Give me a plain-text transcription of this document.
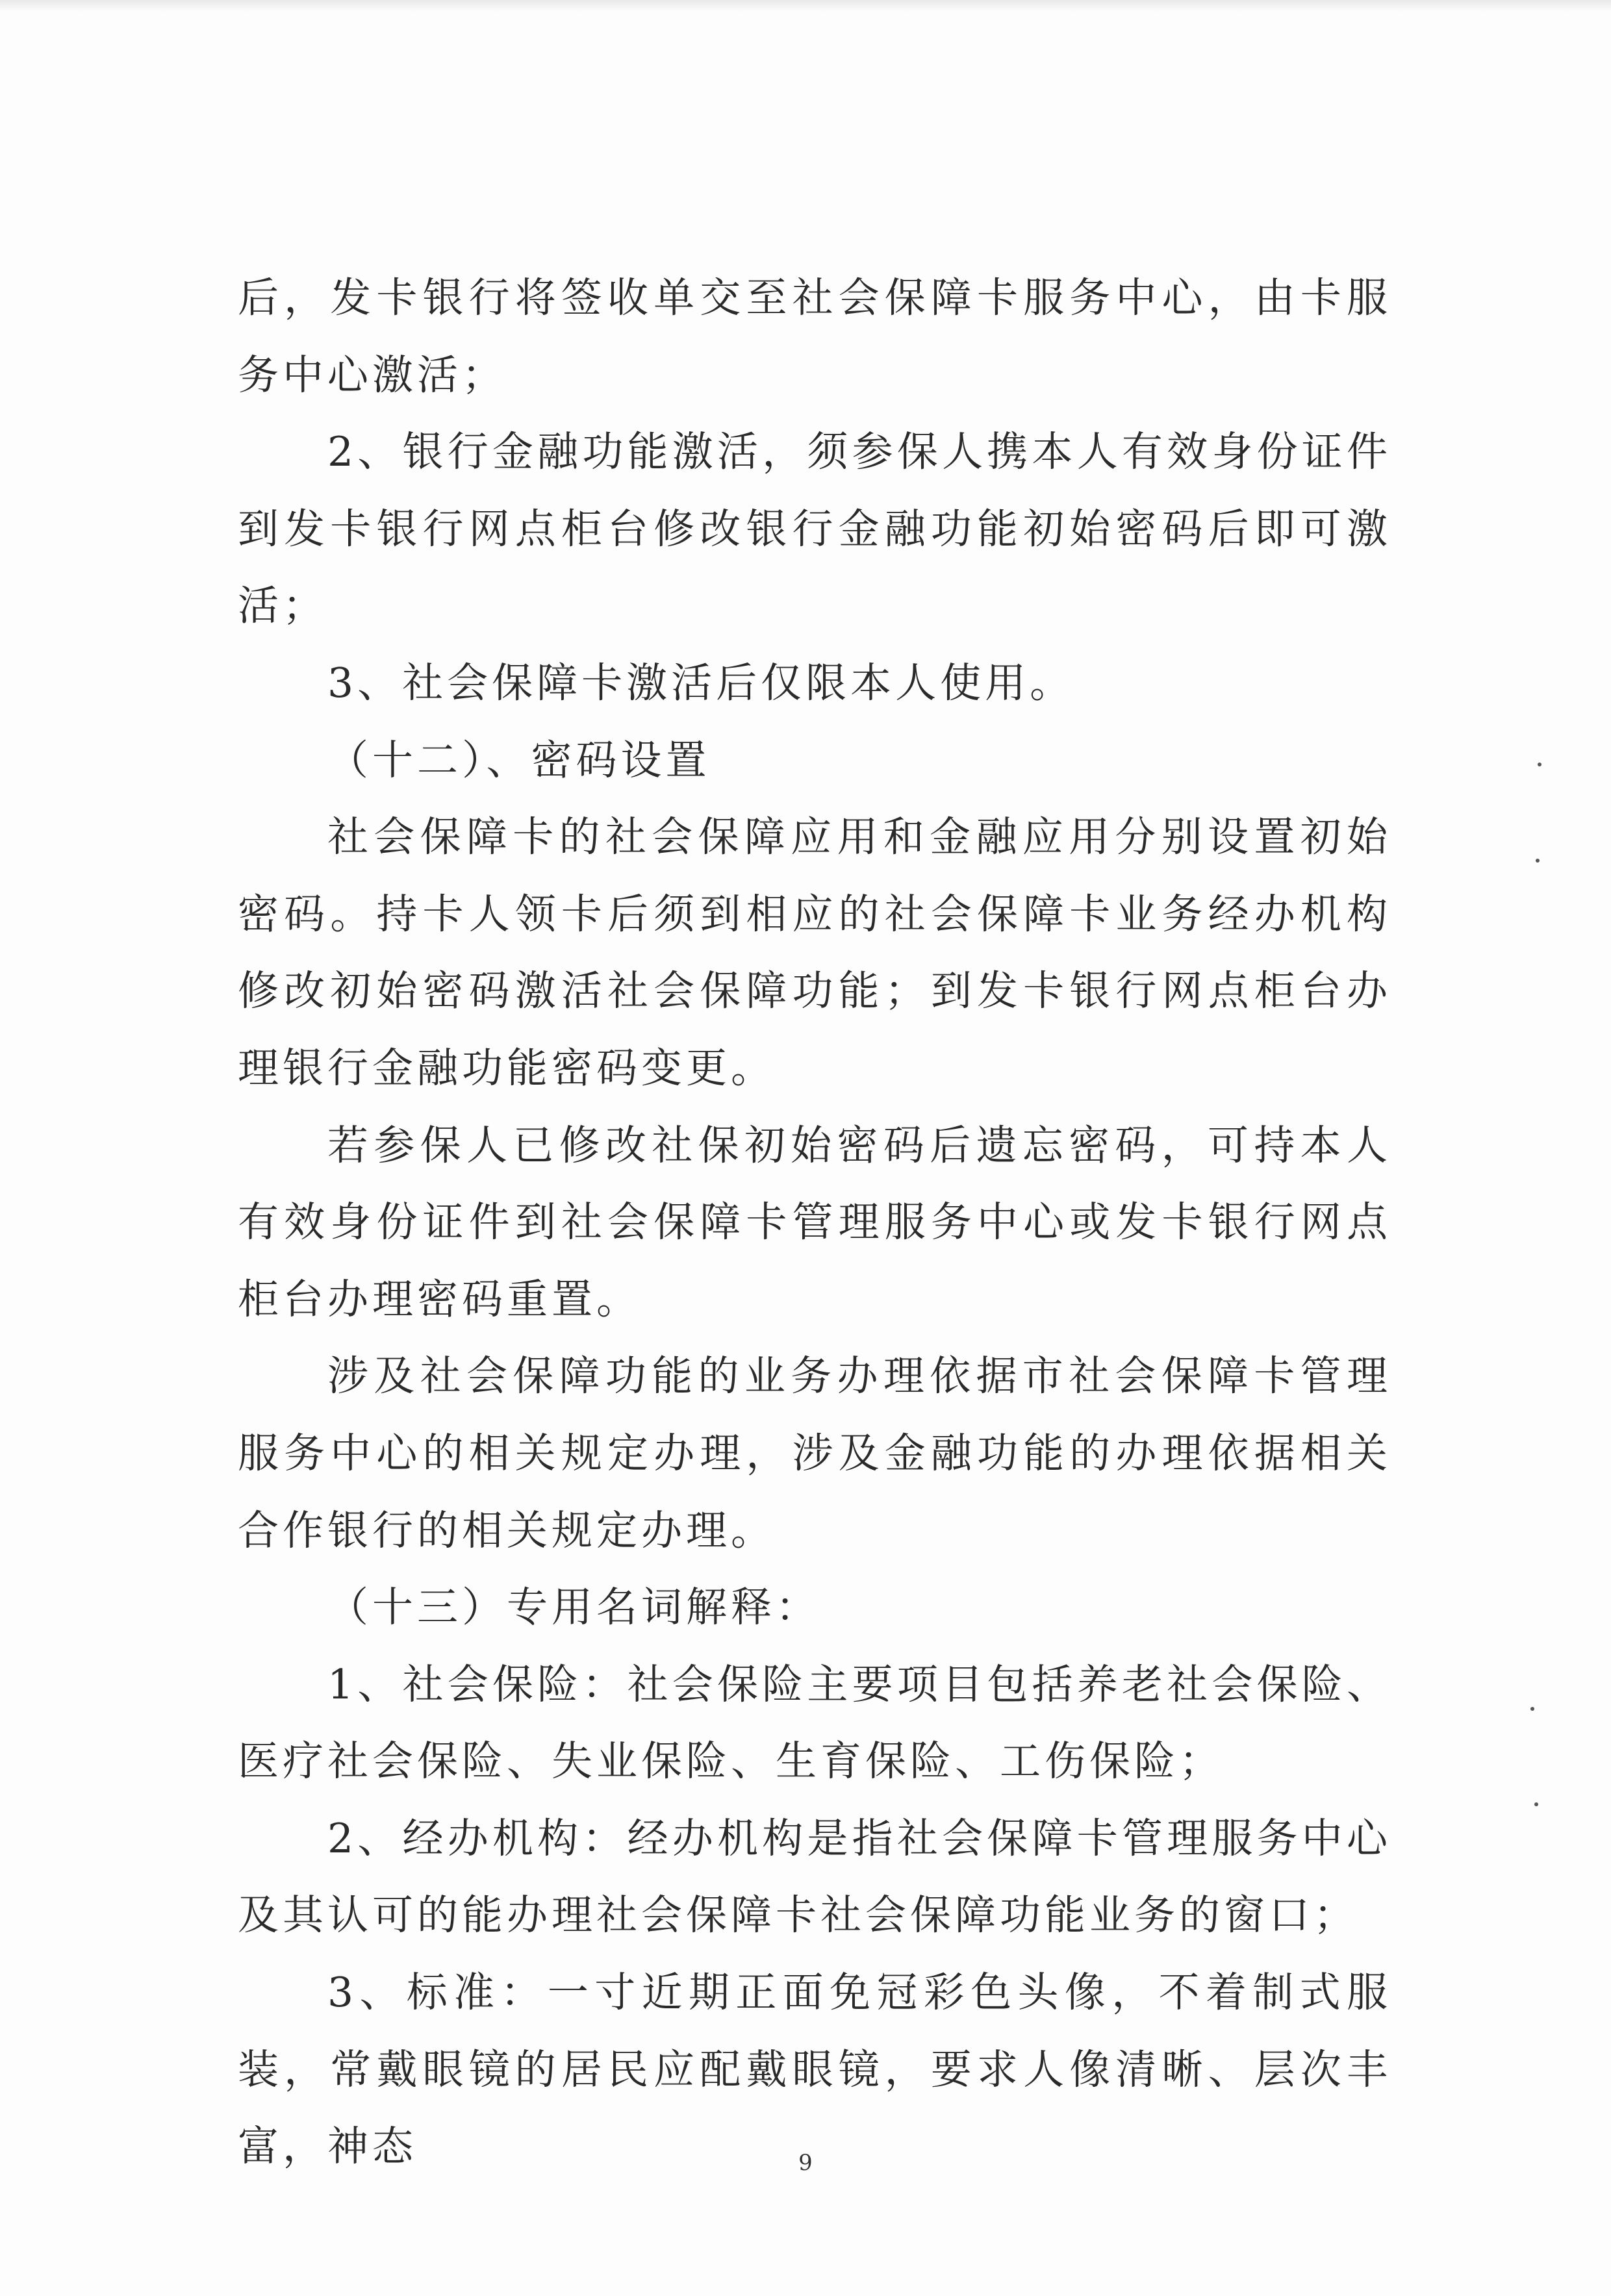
后，发卡银行将签收单交至社会保障卡服务中心，由卡服务中心激活；

2、银行金融功能激活，须参保人携本人有效身份证件到发卡银行网点柜台修改银行金融功能初始密码后即可激活；

3、社会保障卡激活后仅限本人使用。

（十二）、密码设置

社会保障卡的社会保障应用和金融应用分别设置初始密码。持卡人领卡后须到相应的社会保障卡业务经办机构修改初始密码激活社会保障功能；到发卡银行网点柜台办理银行金融功能密码变更。

若参保人已修改社保初始密码后遗忘密码，可持本人有效身份证件到社会保障卡管理服务中心或发卡银行网点柜台办理密码重置。

涉及社会保障功能的业务办理依据市社会保障卡管理服务中心的相关规定办理，涉及金融功能的办理依据相关合作银行的相关规定办理。

（十三）专用名词解释：

1、社会保险：社会保险主要项目包括养老社会保险、医疗社会保险、失业保险、生育保险、工伤保险；

2、经办机构：经办机构是指社会保障卡管理服务中心及其认可的能办理社会保障卡社会保障功能业务的窗口；

3、标准：一寸近期正面免冠彩色头像，不着制式服装，常戴眼镜的居民应配戴眼镜，要求人像清晰、层次丰富，神态	9
